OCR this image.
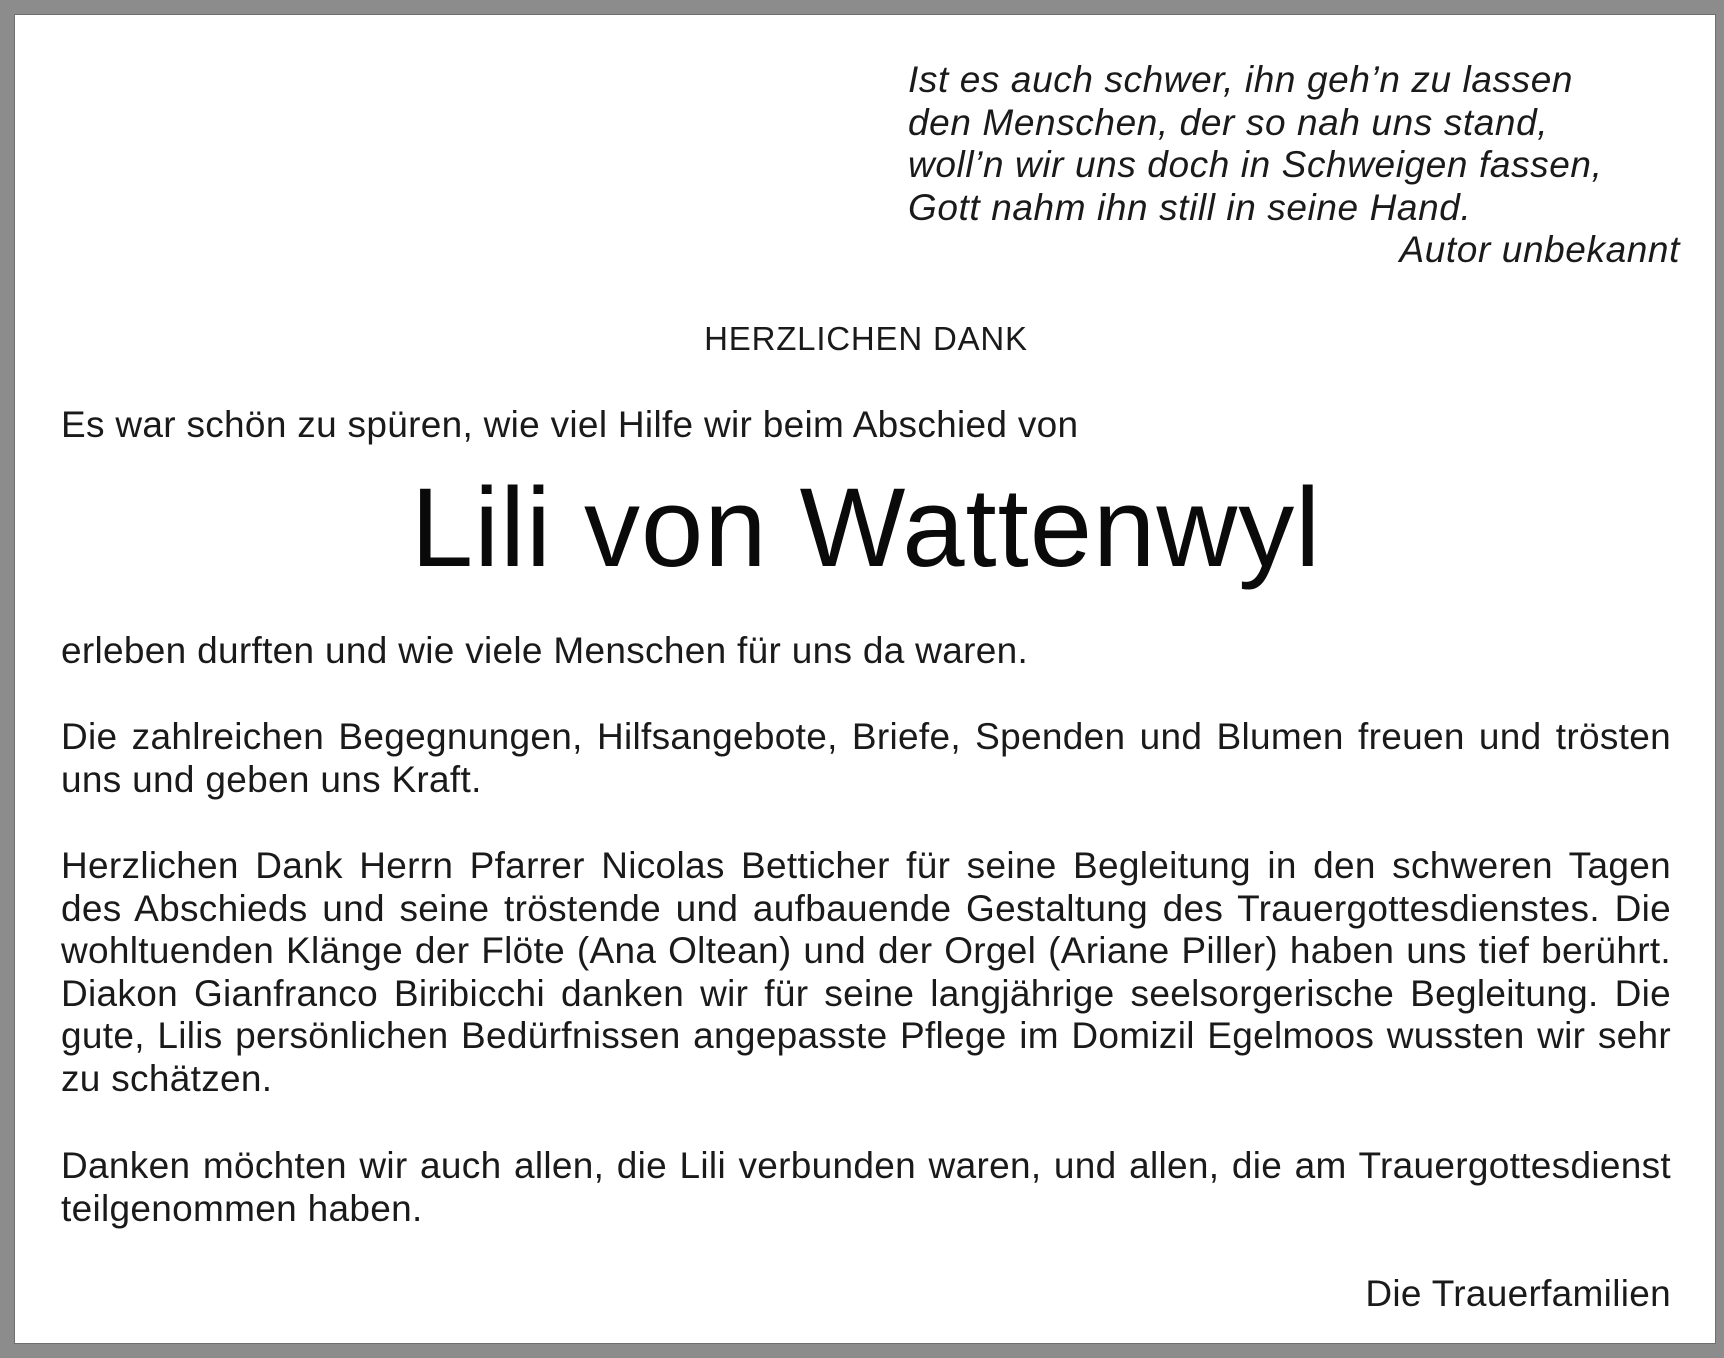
Ist es auch schwer, ihn geh’n zu lassen
den Menschen, der so nah uns stand,
woll’n wir uns doch in Schweigen fassen,
Gott nahm ihn still in seine Hand.
Autor unbekannt
HERZLICHEN DANK
Es war schön zu spüren, wie viel Hilfe wir beim Abschied von
Lili von Wattenwyl
erleben durften und wie viele Menschen für uns da waren.
Die zahlreichen Begegnungen, Hilfsangebote, Briefe, Spenden und Blumen freuen und trösten uns und geben uns Kraft.
Herzlichen Dank Herrn Pfarrer Nicolas Betticher für seine Begleitung in den schweren Tagen des Abschieds und seine tröstende und aufbauende Gestaltung des Trauergottesdienstes. Die wohltuenden Klänge der Flöte (Ana Oltean) und der Orgel (Ariane Piller) haben uns tief berührt. Diakon Gianfranco Biribicchi danken wir für seine langjährige seelsorgerische Begleitung. Die gute, Lilis persönlichen Bedürfnissen angepasste Pflege im Domizil Egelmoos wussten wir sehr zu schätzen.
Danken möchten wir auch allen, die Lili verbunden waren, und allen, die am Trauergottesdienst teilgenommen haben.
Die Trauerfamilien
